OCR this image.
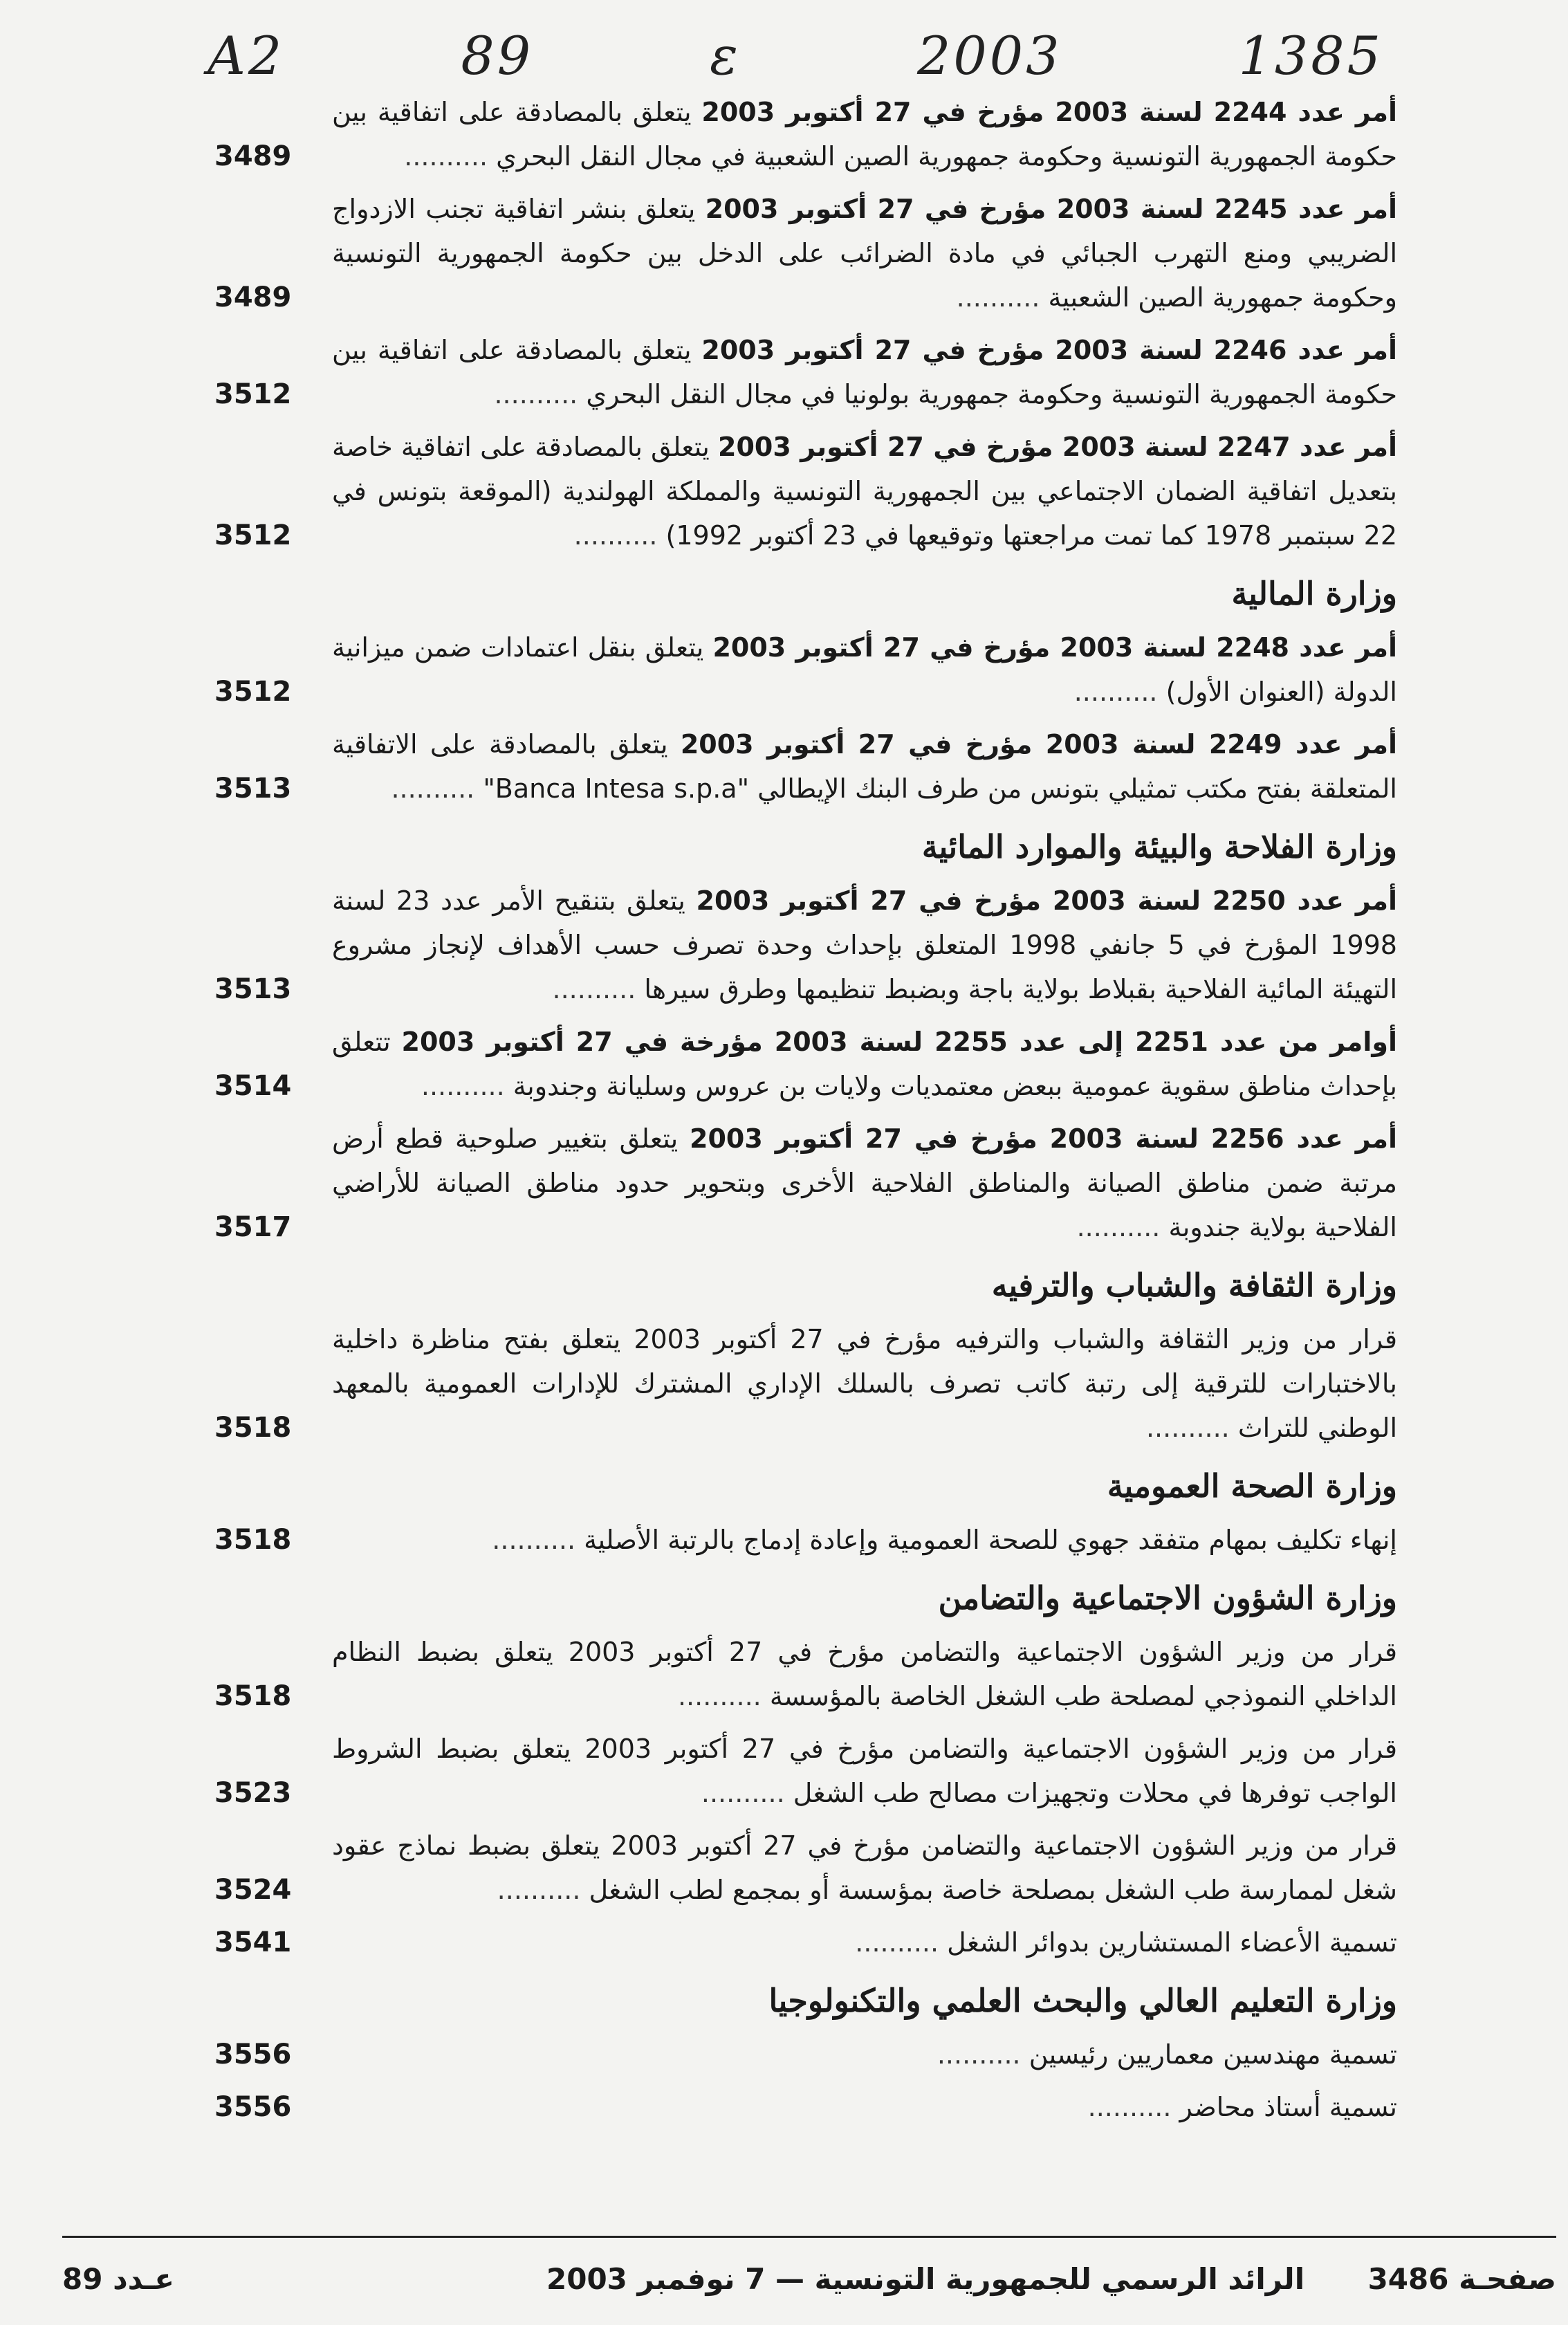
A2	89	ε	2003	1385
أمر عدد 2244 لسنة 2003 مؤرخ في 27 أكتوبر 2003 يتعلق بالمصادقة على اتفاقية بين حكومة الجمهورية التونسية وحكومة جمهورية الصين الشعبية في مجال النقل البحري ..........
3489
أمر عدد 2245 لسنة 2003 مؤرخ في 27 أكتوبر 2003 يتعلق بنشر اتفاقية تجنب الازدواج الضريبي ومنع التهرب الجبائي في مادة الضرائب على الدخل بين حكومة الجمهورية التونسية وحكومة جمهورية الصين الشعبية ..........
3489
أمر عدد 2246 لسنة 2003 مؤرخ في 27 أكتوبر 2003 يتعلق بالمصادقة على اتفاقية بين حكومة الجمهورية التونسية وحكومة جمهورية بولونيا في مجال النقل البحري ..........
3512
أمر عدد 2247 لسنة 2003 مؤرخ في 27 أكتوبر 2003 يتعلق بالمصادقة على اتفاقية خاصة بتعديل اتفاقية الضمان الاجتماعي بين الجمهورية التونسية والمملكة الهولندية (الموقعة بتونس في 22 سبتمبر 1978 كما تمت مراجعتها وتوقيعها في 23 أكتوبر 1992) ..........
3512
وزارة المالية
أمر عدد 2248 لسنة 2003 مؤرخ في 27 أكتوبر 2003 يتعلق بنقل اعتمادات ضمن ميزانية الدولة (العنوان الأول) ..........
3512
أمر عدد 2249 لسنة 2003 مؤرخ في 27 أكتوبر 2003 يتعلق بالمصادقة على الاتفاقية المتعلقة بفتح مكتب تمثيلي بتونس من طرف البنك الإيطالي "Banca Intesa s.p.a" ..........
3513
وزارة الفلاحة والبيئة والموارد المائية
أمر عدد 2250 لسنة 2003 مؤرخ في 27 أكتوبر 2003 يتعلق بتنقيح الأمر عدد 23 لسنة 1998 المؤرخ في 5 جانفي 1998 المتعلق بإحداث وحدة تصرف حسب الأهداف لإنجاز مشروع التهيئة المائية الفلاحية بقبلاط بولاية باجة وبضبط تنظيمها وطرق سيرها ..........
3513
أوامر من عدد 2251 إلى عدد 2255 لسنة 2003 مؤرخة في 27 أكتوبر 2003 تتعلق بإحداث مناطق سقوية عمومية ببعض معتمديات ولايات بن عروس وسليانة وجندوبة ..........
3514
أمر عدد 2256 لسنة 2003 مؤرخ في 27 أكتوبر 2003 يتعلق بتغيير صلوحية قطع أرض مرتبة ضمن مناطق الصيانة والمناطق الفلاحية الأخرى وبتحوير حدود مناطق الصيانة للأراضي الفلاحية بولاية جندوبة ..........
3517
وزارة الثقافة والشباب والترفيه
قرار من وزير الثقافة والشباب والترفيه مؤرخ في 27 أكتوبر 2003 يتعلق بفتح مناظرة داخلية بالاختبارات للترقية إلى رتبة كاتب تصرف بالسلك الإداري المشترك للإدارات العمومية بالمعهد الوطني للتراث ..........
3518
وزارة الصحة العمومية
إنهاء تكليف بمهام متفقد جهوي للصحة العمومية وإعادة إدماج بالرتبة الأصلية ..........
3518
وزارة الشؤون الاجتماعية والتضامن
قرار من وزير الشؤون الاجتماعية والتضامن مؤرخ في 27 أكتوبر 2003 يتعلق بضبط النظام الداخلي النموذجي لمصلحة طب الشغل الخاصة بالمؤسسة ..........
3518
قرار من وزير الشؤون الاجتماعية والتضامن مؤرخ في 27 أكتوبر 2003 يتعلق بضبط الشروط الواجب توفرها في محلات وتجهيزات مصالح طب الشغل ..........
3523
قرار من وزير الشؤون الاجتماعية والتضامن مؤرخ في 27 أكتوبر 2003 يتعلق بضبط نماذج عقود شغل لممارسة طب الشغل بمصلحة خاصة بمؤسسة أو بمجمع لطب الشغل ..........
3524
تسمية الأعضاء المستشارين بدوائر الشغل ..........
3541
وزارة التعليم العالي والبحث العلمي والتكنولوجيا
تسمية مهندسين معماريين رئيسين ..........
3556
تسمية أستاذ محاضر ..........
3556
عـدد 89	الرائد الرسمي للجمهورية التونسية — 7 نوفمبر 2003 صفحـة 3486
